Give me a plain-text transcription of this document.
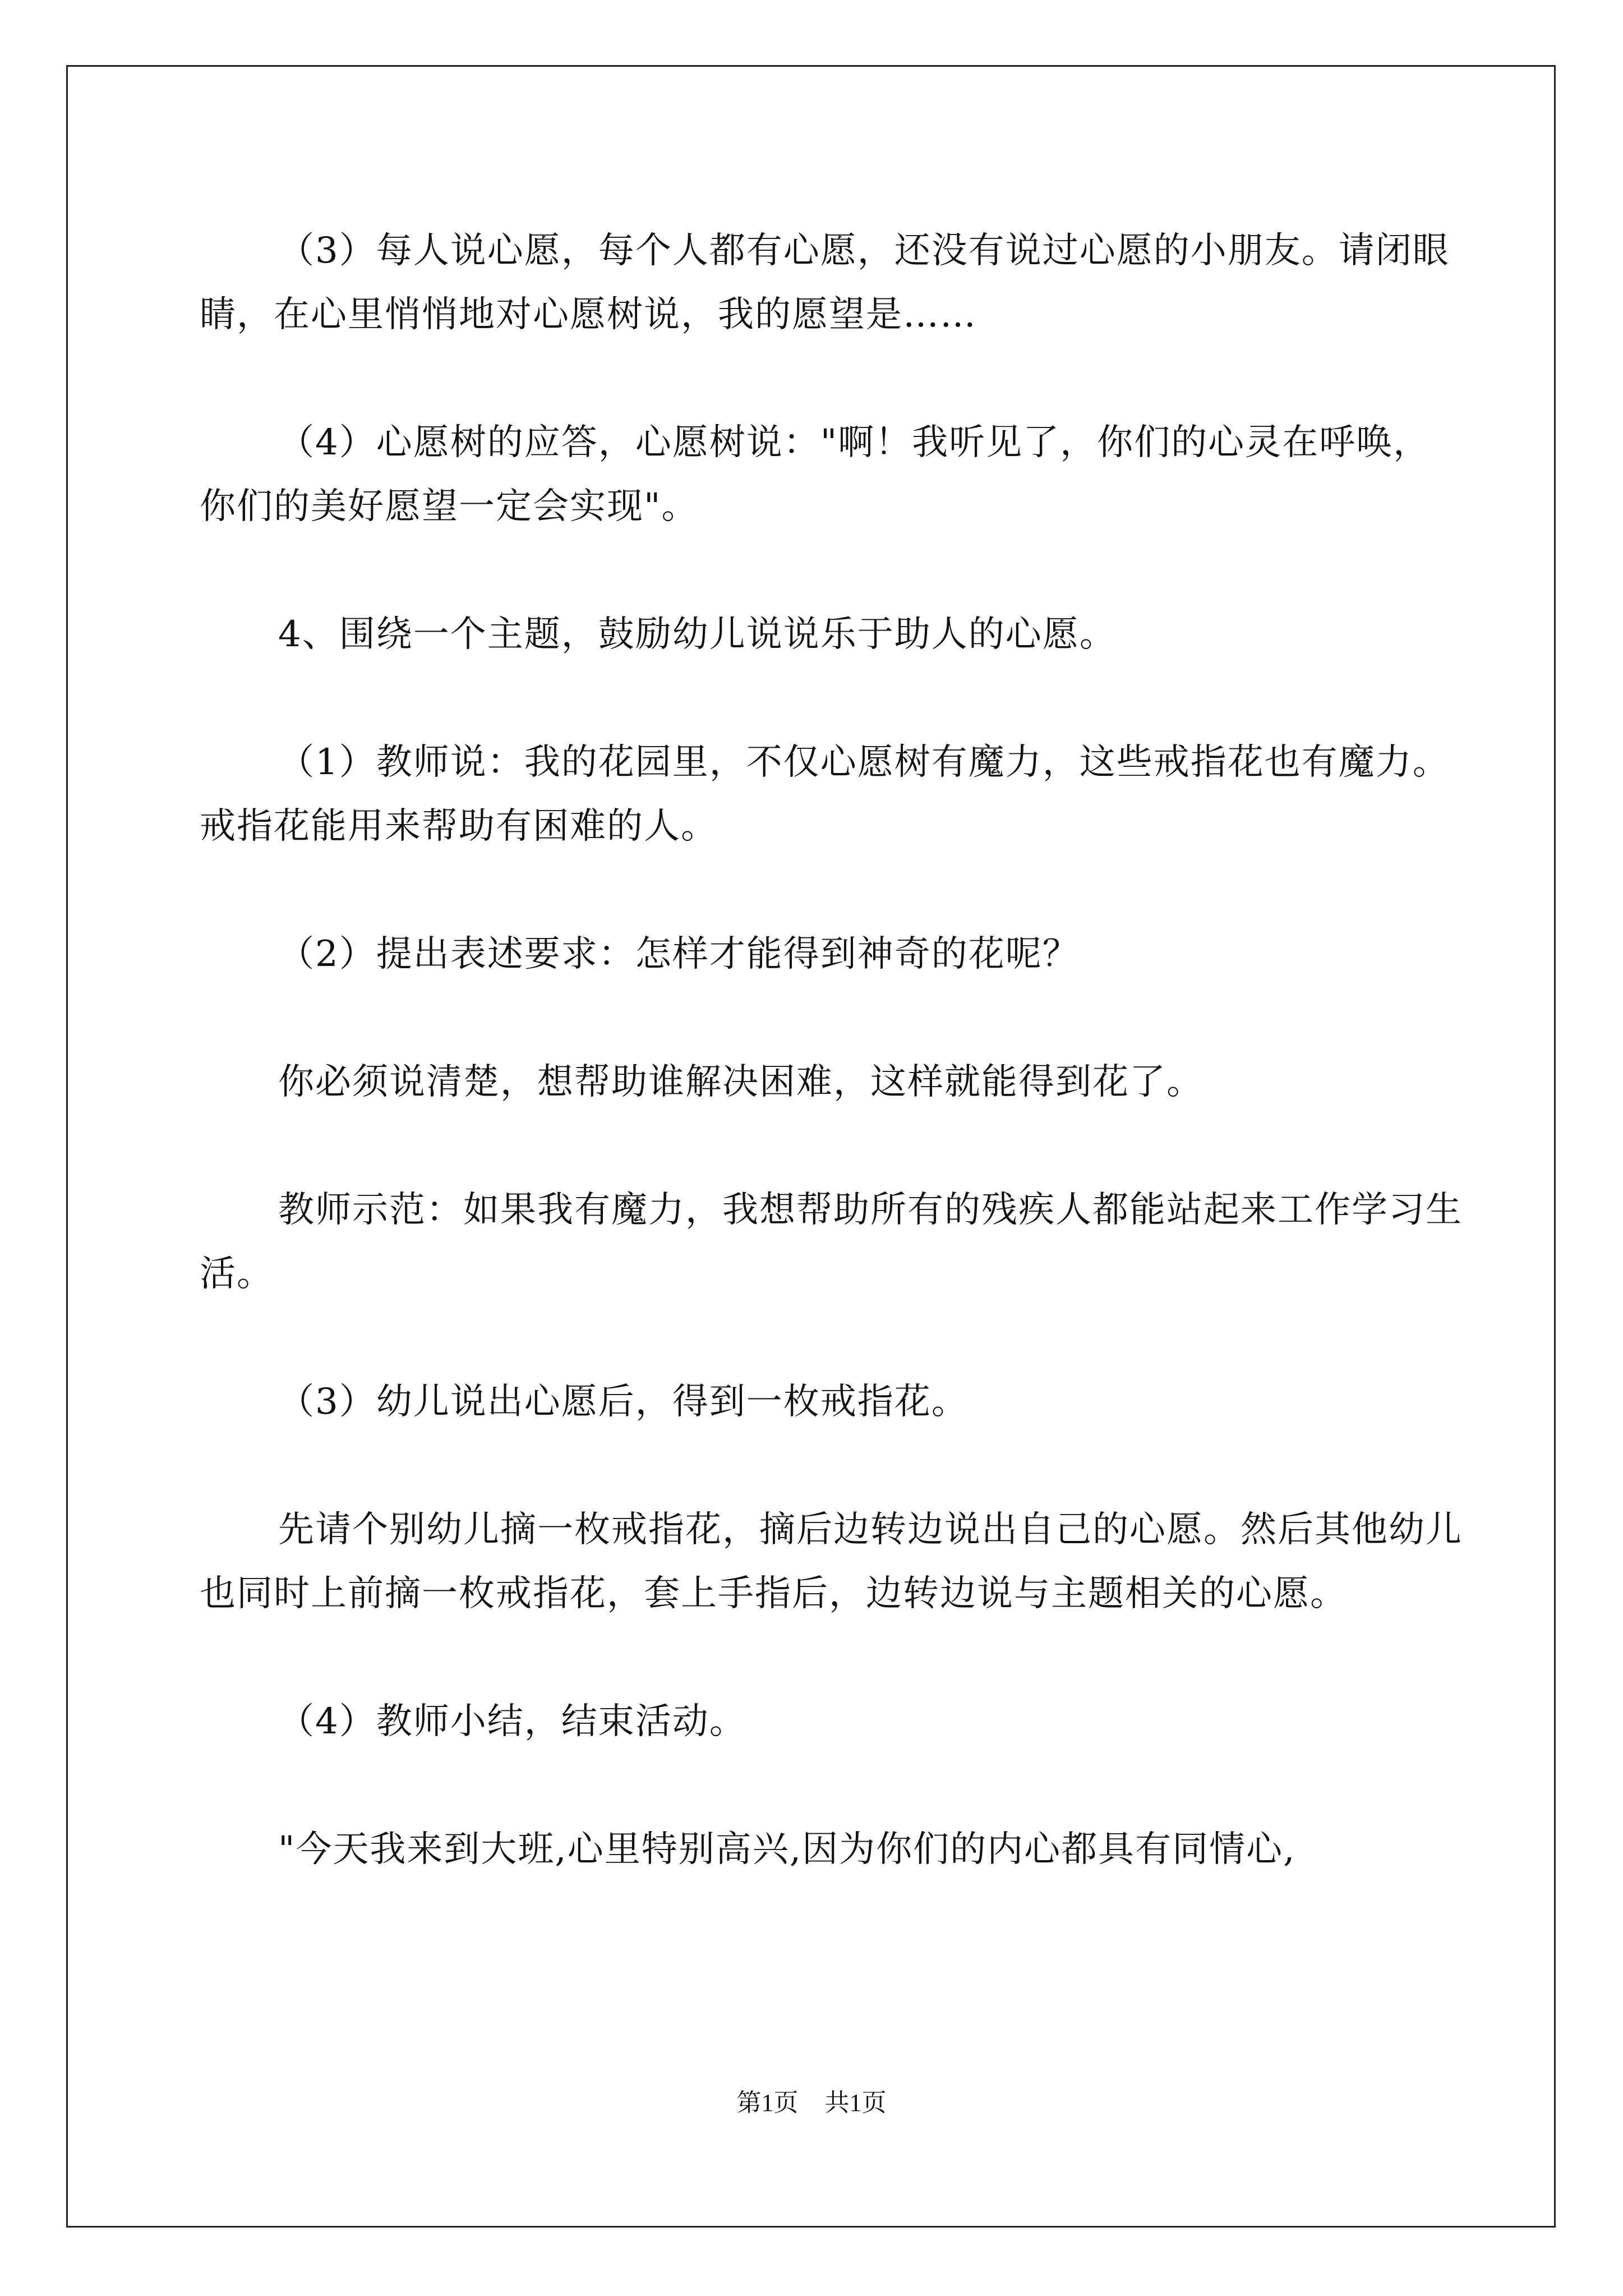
（3）每人说心愿，每个人都有心愿，还没有说过心愿的小朋友。请闭眼睛，在心里悄悄地对心愿树说，我的愿望是……

（4）心愿树的应答，心愿树说："啊！我听见了，你们的心灵在呼唤，你们的美好愿望一定会实现"。

4、围绕一个主题，鼓励幼儿说说乐于助人的心愿。

（1）教师说：我的花园里，不仅心愿树有魔力，这些戒指花也有魔力。戒指花能用来帮助有困难的人。

（2）提出表述要求：怎样才能得到神奇的花呢？

你必须说清楚，想帮助谁解决困难，这样就能得到花了。

教师示范：如果我有魔力，我想帮助所有的残疾人都能站起来工作学习生活。

（3）幼儿说出心愿后，得到一枚戒指花。

先请个别幼儿摘一枚戒指花，摘后边转边说出自己的心愿。然后其他幼儿也同时上前摘一枚戒指花，套上手指后，边转边说与主题相关的心愿。

（4）教师小结，结束活动。

"今天我来到大班,心里特别高兴,因为你们的内心都具有同情心,

第1页 共1页
